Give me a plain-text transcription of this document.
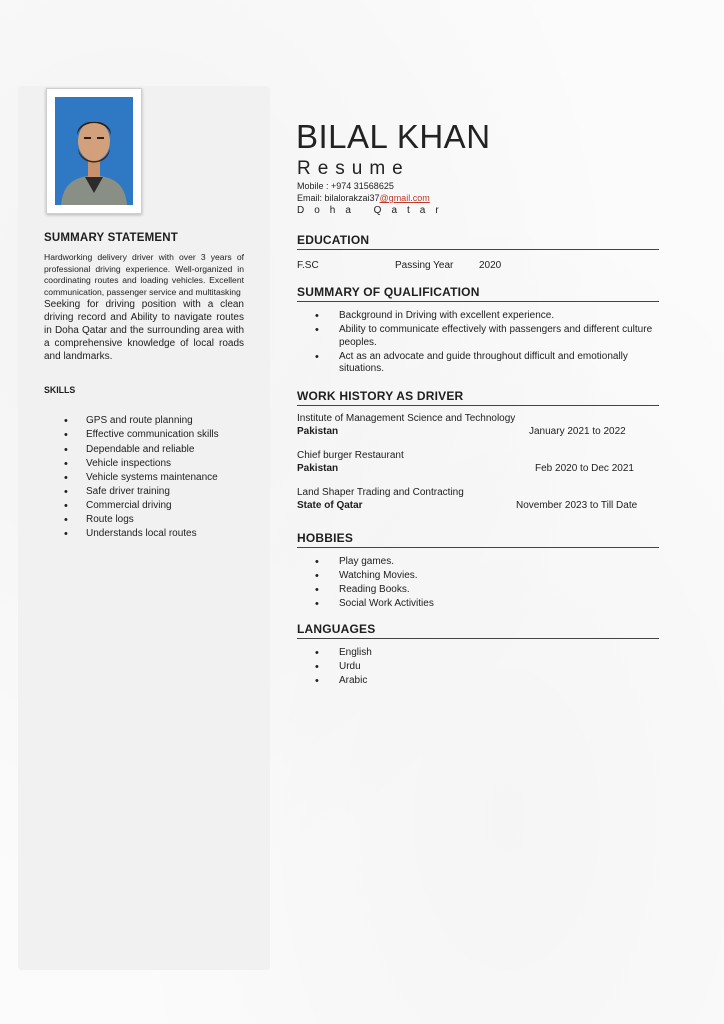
SUMMARY STATEMENT

Hardworking delivery driver with over 3 years of professional driving experience. Well-organized in coordinating routes and loading vehicles. Excellent communication, passenger service and multitasking

Seeking for driving position with a clean driving record and Ability to navigate routes in Doha Qatar and the surrounding area with a comprehensive knowledge of local roads and landmarks.

SKILLS
• GPS and route planning
• Effective communication skills
• Dependable and reliable
• Vehicle inspections
• Vehicle systems maintenance
• Safe driver training
• Commercial driving
• Route logs
• Understands local routes
BILAL KHAN
Resume
Mobile : +974 31568625
Email: bilalorakzai37@gmail.com
Doha Qatar
EDUCATION
F.SC	Passing Year	2020
SUMMARY OF QUALIFICATION
• Background in Driving with excellent experience.
• Ability to communicate effectively with passengers and different culture peoples.
• Act as an advocate and guide throughout difficult and emotionally situations.
WORK HISTORY AS DRIVER
Institute of Management Science and Technology
Pakistan	January 2021 to 2022
Chief burger Restaurant
Pakistan	Feb 2020 to Dec 2021
Land Shaper Trading and Contracting
State of Qatar	November 2023 to Till Date
HOBBIES
• Play games.
• Watching Movies.
• Reading Books.
• Social Work Activities
LANGUAGES
• English
• Urdu
• Arabic
